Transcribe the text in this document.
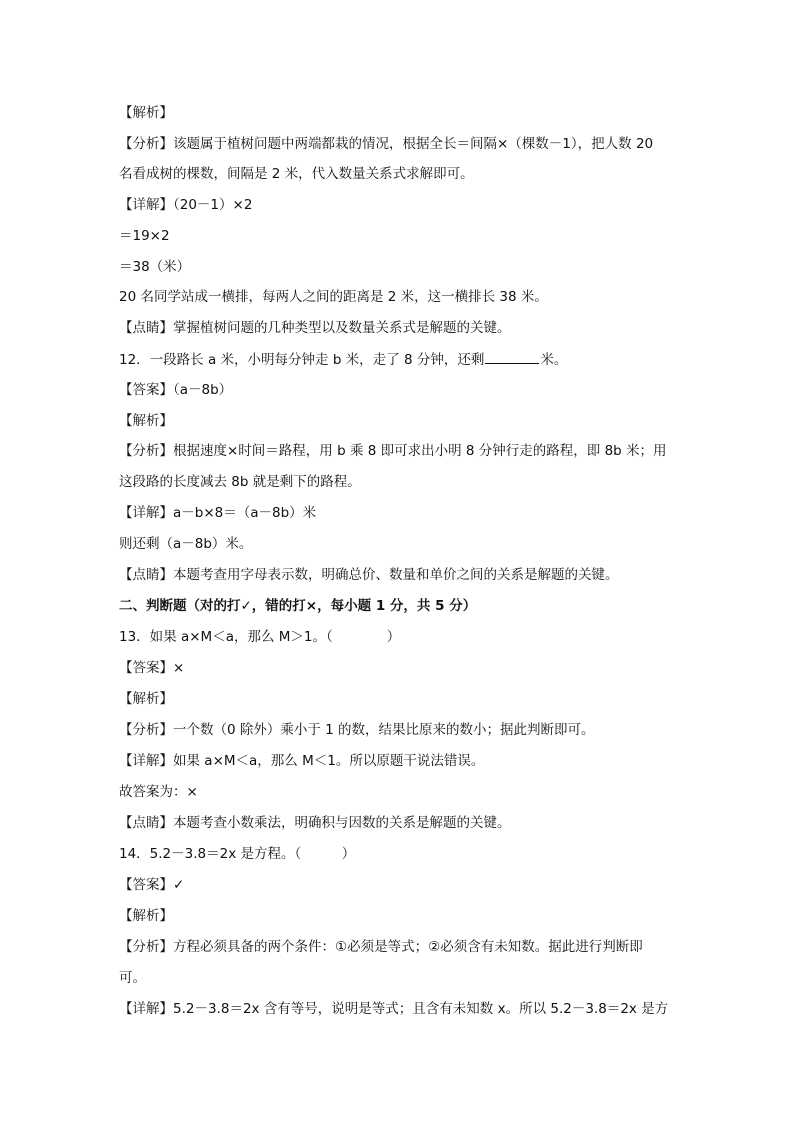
【解析】
【分析】该题属于植树问题中两端都栽的情况，根据全长＝间隔×（棵数－1），把人数 20
名看成树的棵数，间隔是 2 米，代入数量关系式求解即可。
【详解】（20－1）×2
＝19×2
＝38（米）
20 名同学站成一横排，每两人之间的距离是 2 米，这一横排长 38 米。
【点睛】掌握植树问题的几种类型以及数量关系式是解题的关键。
12．一段路长 a 米，小明每分钟走 b 米，走了 8 分钟，还剩	米。
【答案】（a－8b）
【解析】
【分析】根据速度×时间＝路程，用 b 乘 8 即可求出小明 8 分钟行走的路程，即 8b 米；用
这段路的长度减去 8b 就是剩下的路程。
【详解】a－b×8＝（a－8b）米
则还剩（a－8b）米。
【点睛】本题考查用字母表示数，明确总价、数量和单价之间的关系是解题的关键。
二、判断题（对的打✓，错的打×，每小题 1 分，共 5 分）
13．如果 a×M＜a，那么 M＞1。（　　　　）
【答案】×
【解析】
【分析】一个数（0 除外）乘小于 1 的数，结果比原来的数小；据此判断即可。
【详解】如果 a×M＜a，那么 M＜1。所以原题干说法错误。
故答案为：×
【点睛】本题考查小数乘法，明确积与因数的关系是解题的关键。
14．5.2－3.8＝2x 是方程。（　　　）
【答案】✓
【解析】
【分析】方程必须具备的两个条件：①必须是等式；②必须含有未知数。据此进行判断即
可。
【详解】5.2－3.8＝2x 含有等号，说明是等式；且含有未知数 x。所以 5.2－3.8＝2x 是方
